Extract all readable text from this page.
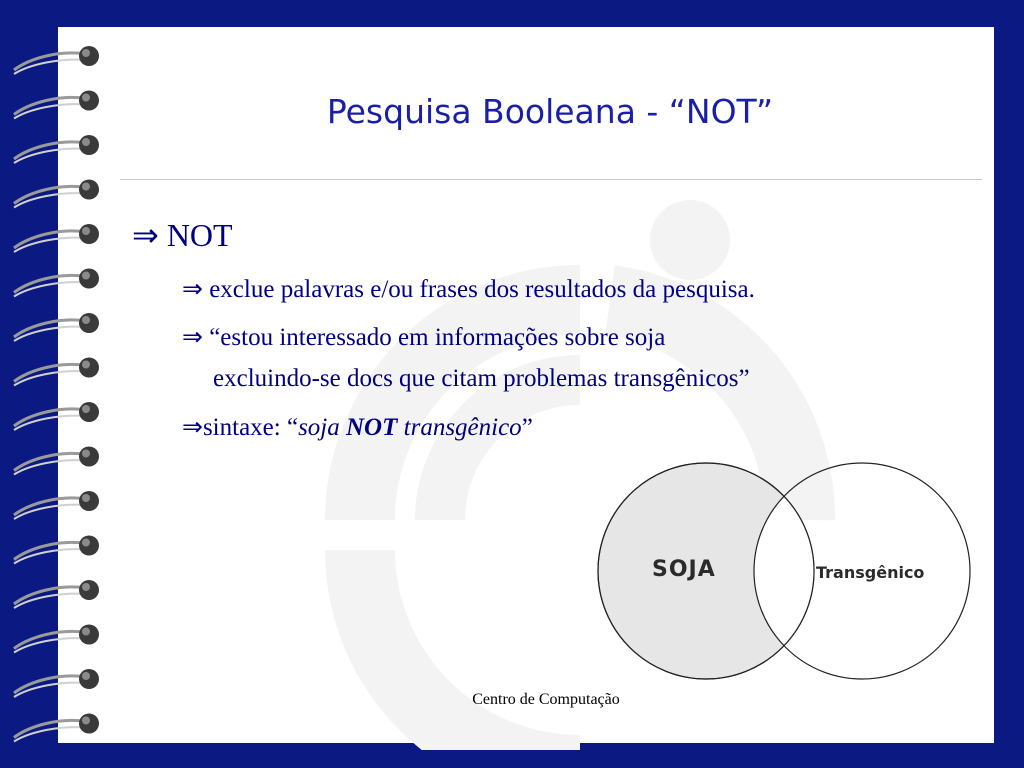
Pesquisa Booleana - “NOT”
⇒ NOT
⇒ exclue palavras e/ou frases dos resultados da pesquisa.
⇒ “estou interessado em informações sobre soja
excluindo-se docs que citam problemas transgênicos”
⇒sintaxe: “soja NOT transgênico”
SOJA	Transgênico
Centro de Computação
